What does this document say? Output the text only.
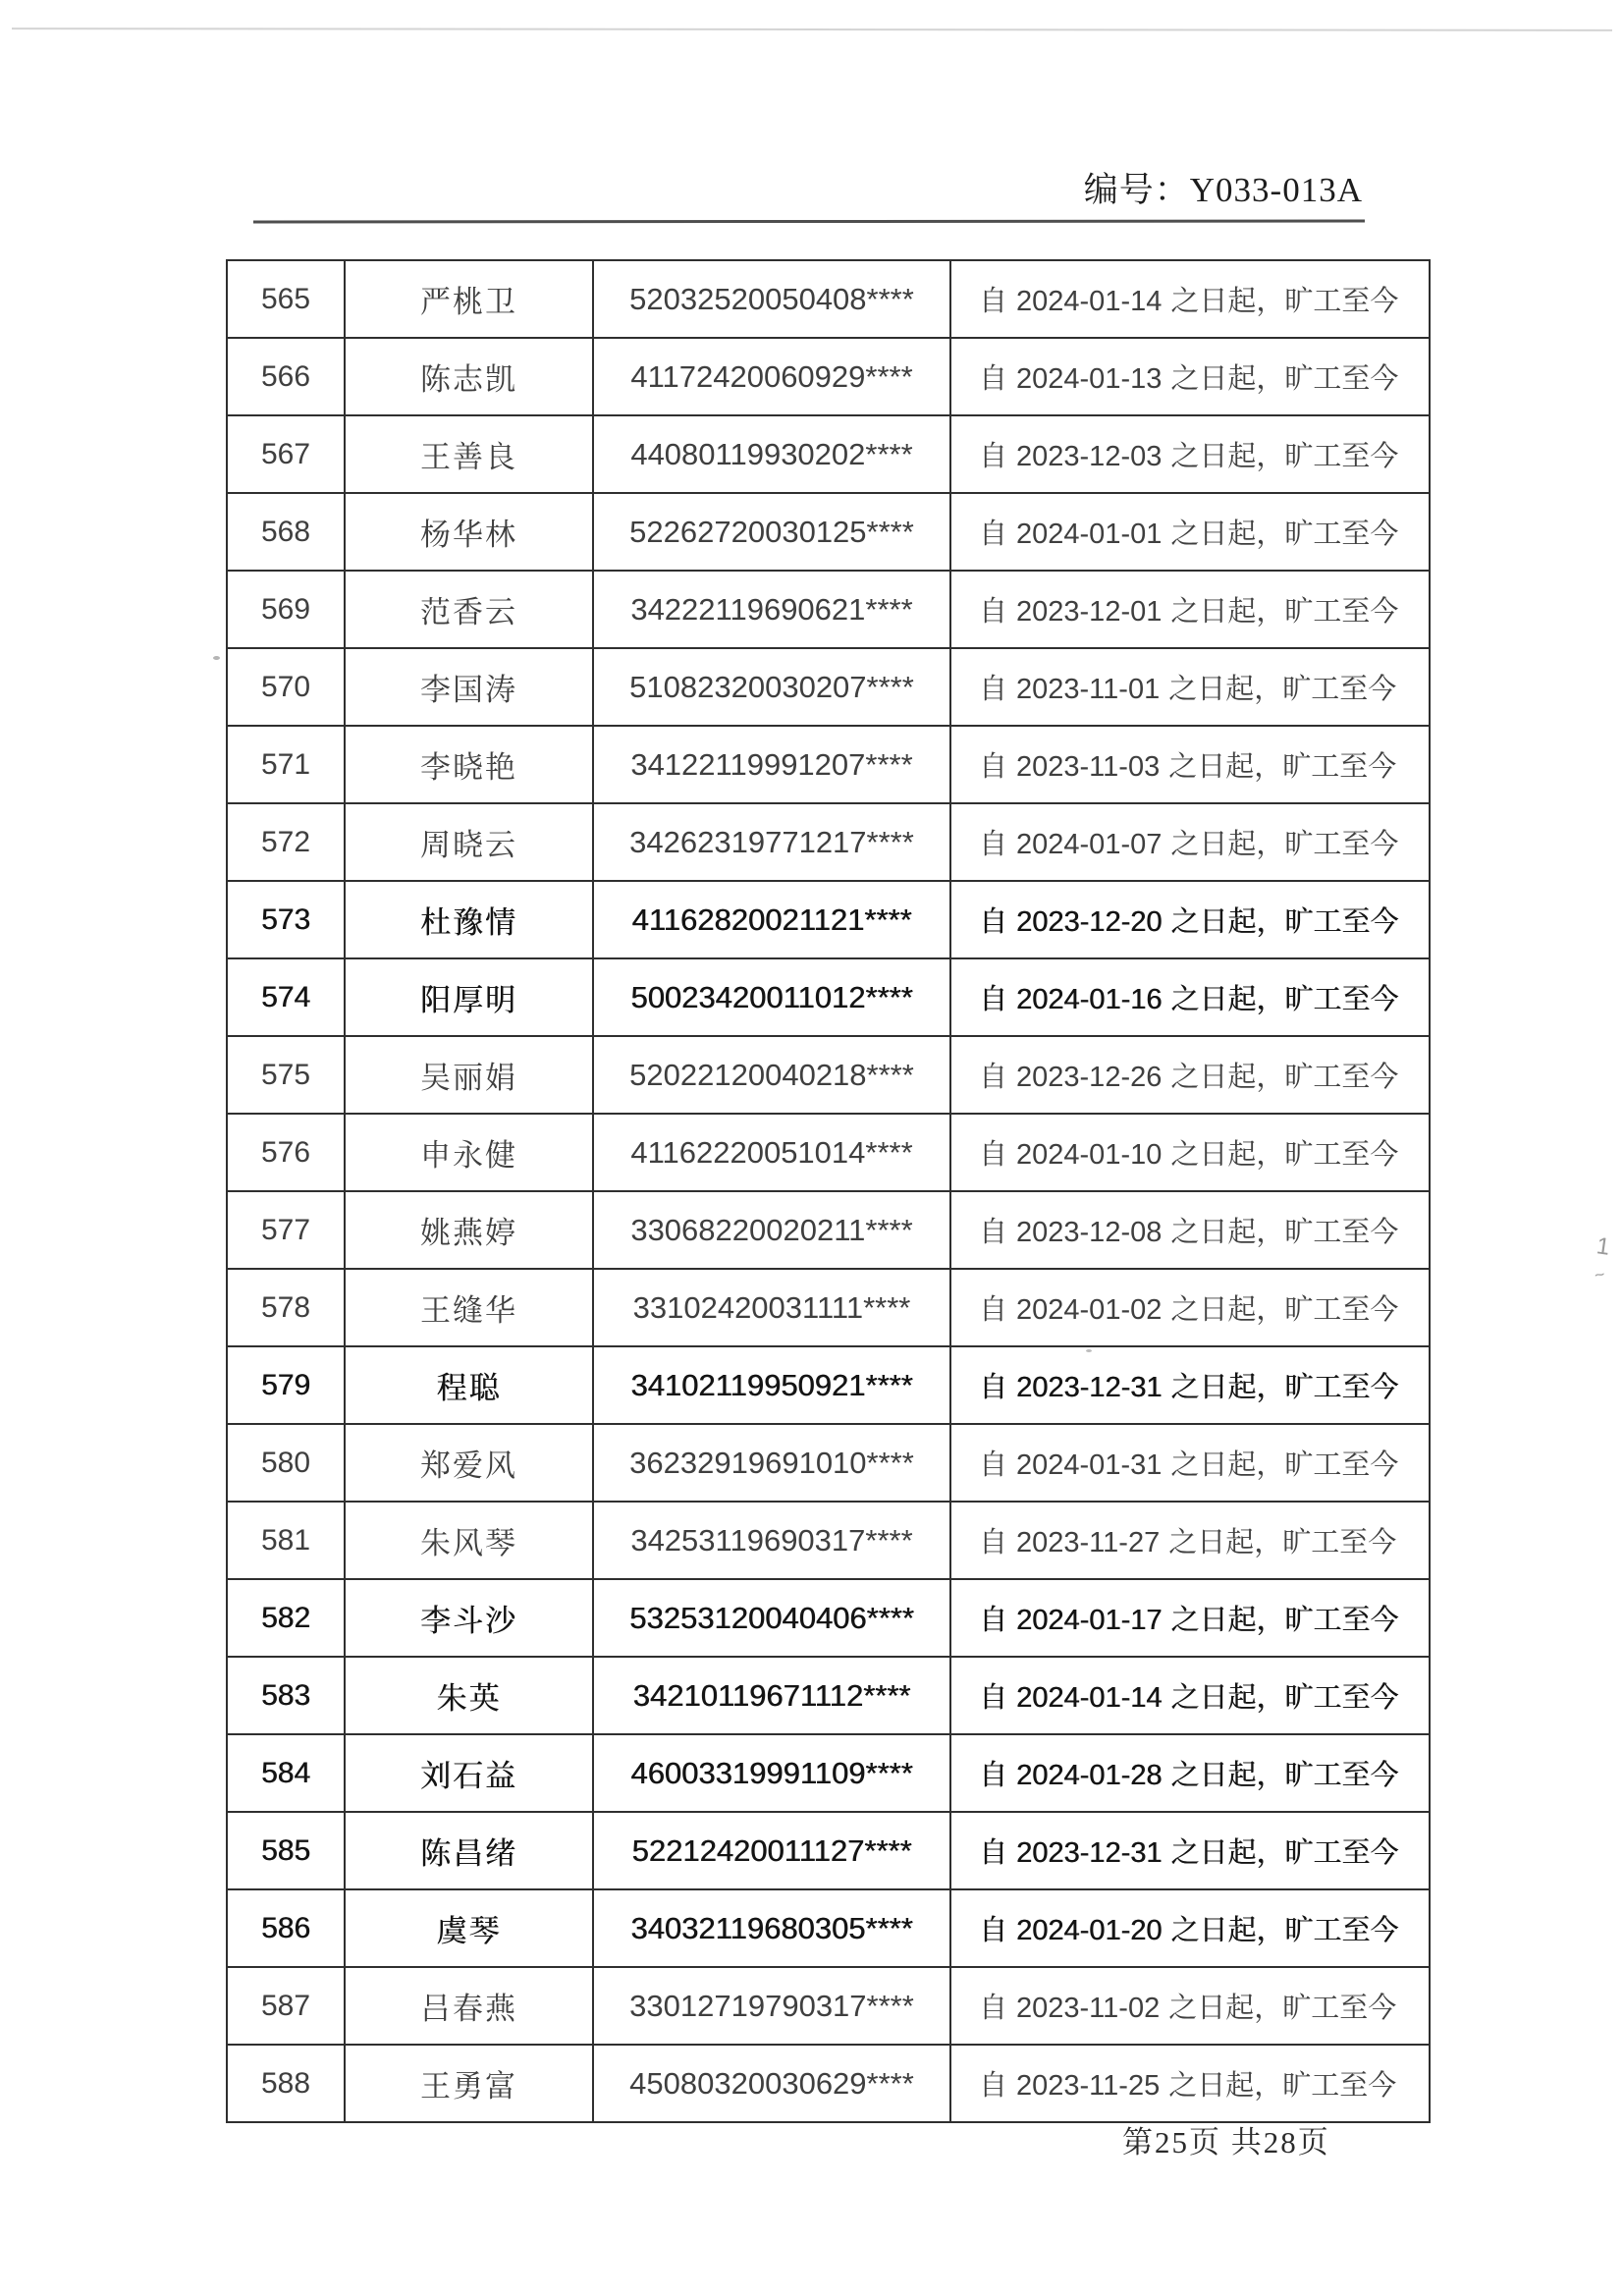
编号：Y033-013A
565	严桃卫	52032520050408****	自 2024-01-14 之日起，旷工至今
566	陈志凯	41172420060929****	自 2024-01-13 之日起，旷工至今
567	王善良	44080119930202****	自 2023-12-03 之日起，旷工至今
568	杨华林	52262720030125****	自 2024-01-01 之日起，旷工至今
569	范香云	34222119690621****	自 2023-12-01 之日起，旷工至今
570	李国涛	51082320030207****	自 2023-11-01 之日起，旷工至今
571	李晓艳	34122119991207****	自 2023-11-03 之日起，旷工至今
572	周晓云	34262319771217****	自 2024-01-07 之日起，旷工至今
573	杜豫情	41162820021121****	自 2023-12-20 之日起，旷工至今
574	阳厚明	50023420011012****	自 2024-01-16 之日起，旷工至今
575	吴丽娟	52022120040218****	自 2023-12-26 之日起，旷工至今
576	申永健	41162220051014****	自 2024-01-10 之日起，旷工至今
577	姚燕婷	33068220020211****	自 2023-12-08 之日起，旷工至今
578	王缝华	33102420031111****	自 2024-01-02 之日起，旷工至今
579	程聪	34102119950921****	自 2023-12-31 之日起，旷工至今
580	郑爱风	36232919691010****	自 2024-01-31 之日起，旷工至今
581	朱风琴	34253119690317****	自 2023-11-27 之日起，旷工至今
582	李斗沙	53253120040406****	自 2024-01-17 之日起，旷工至今
583	朱英	34210119671112****	自 2024-01-14 之日起，旷工至今
584	刘石益	46003319991109****	自 2024-01-28 之日起，旷工至今
585	陈昌绪	52212420011127****	自 2023-12-31 之日起，旷工至今
586	虞琴	34032119680305****	自 2024-01-20 之日起，旷工至今
587	吕春燕	33012719790317****	自 2023-11-02 之日起，旷工至今
588	王勇富	45080320030629****	自 2023-11-25 之日起，旷工至今
第25页 共28页
1
~
